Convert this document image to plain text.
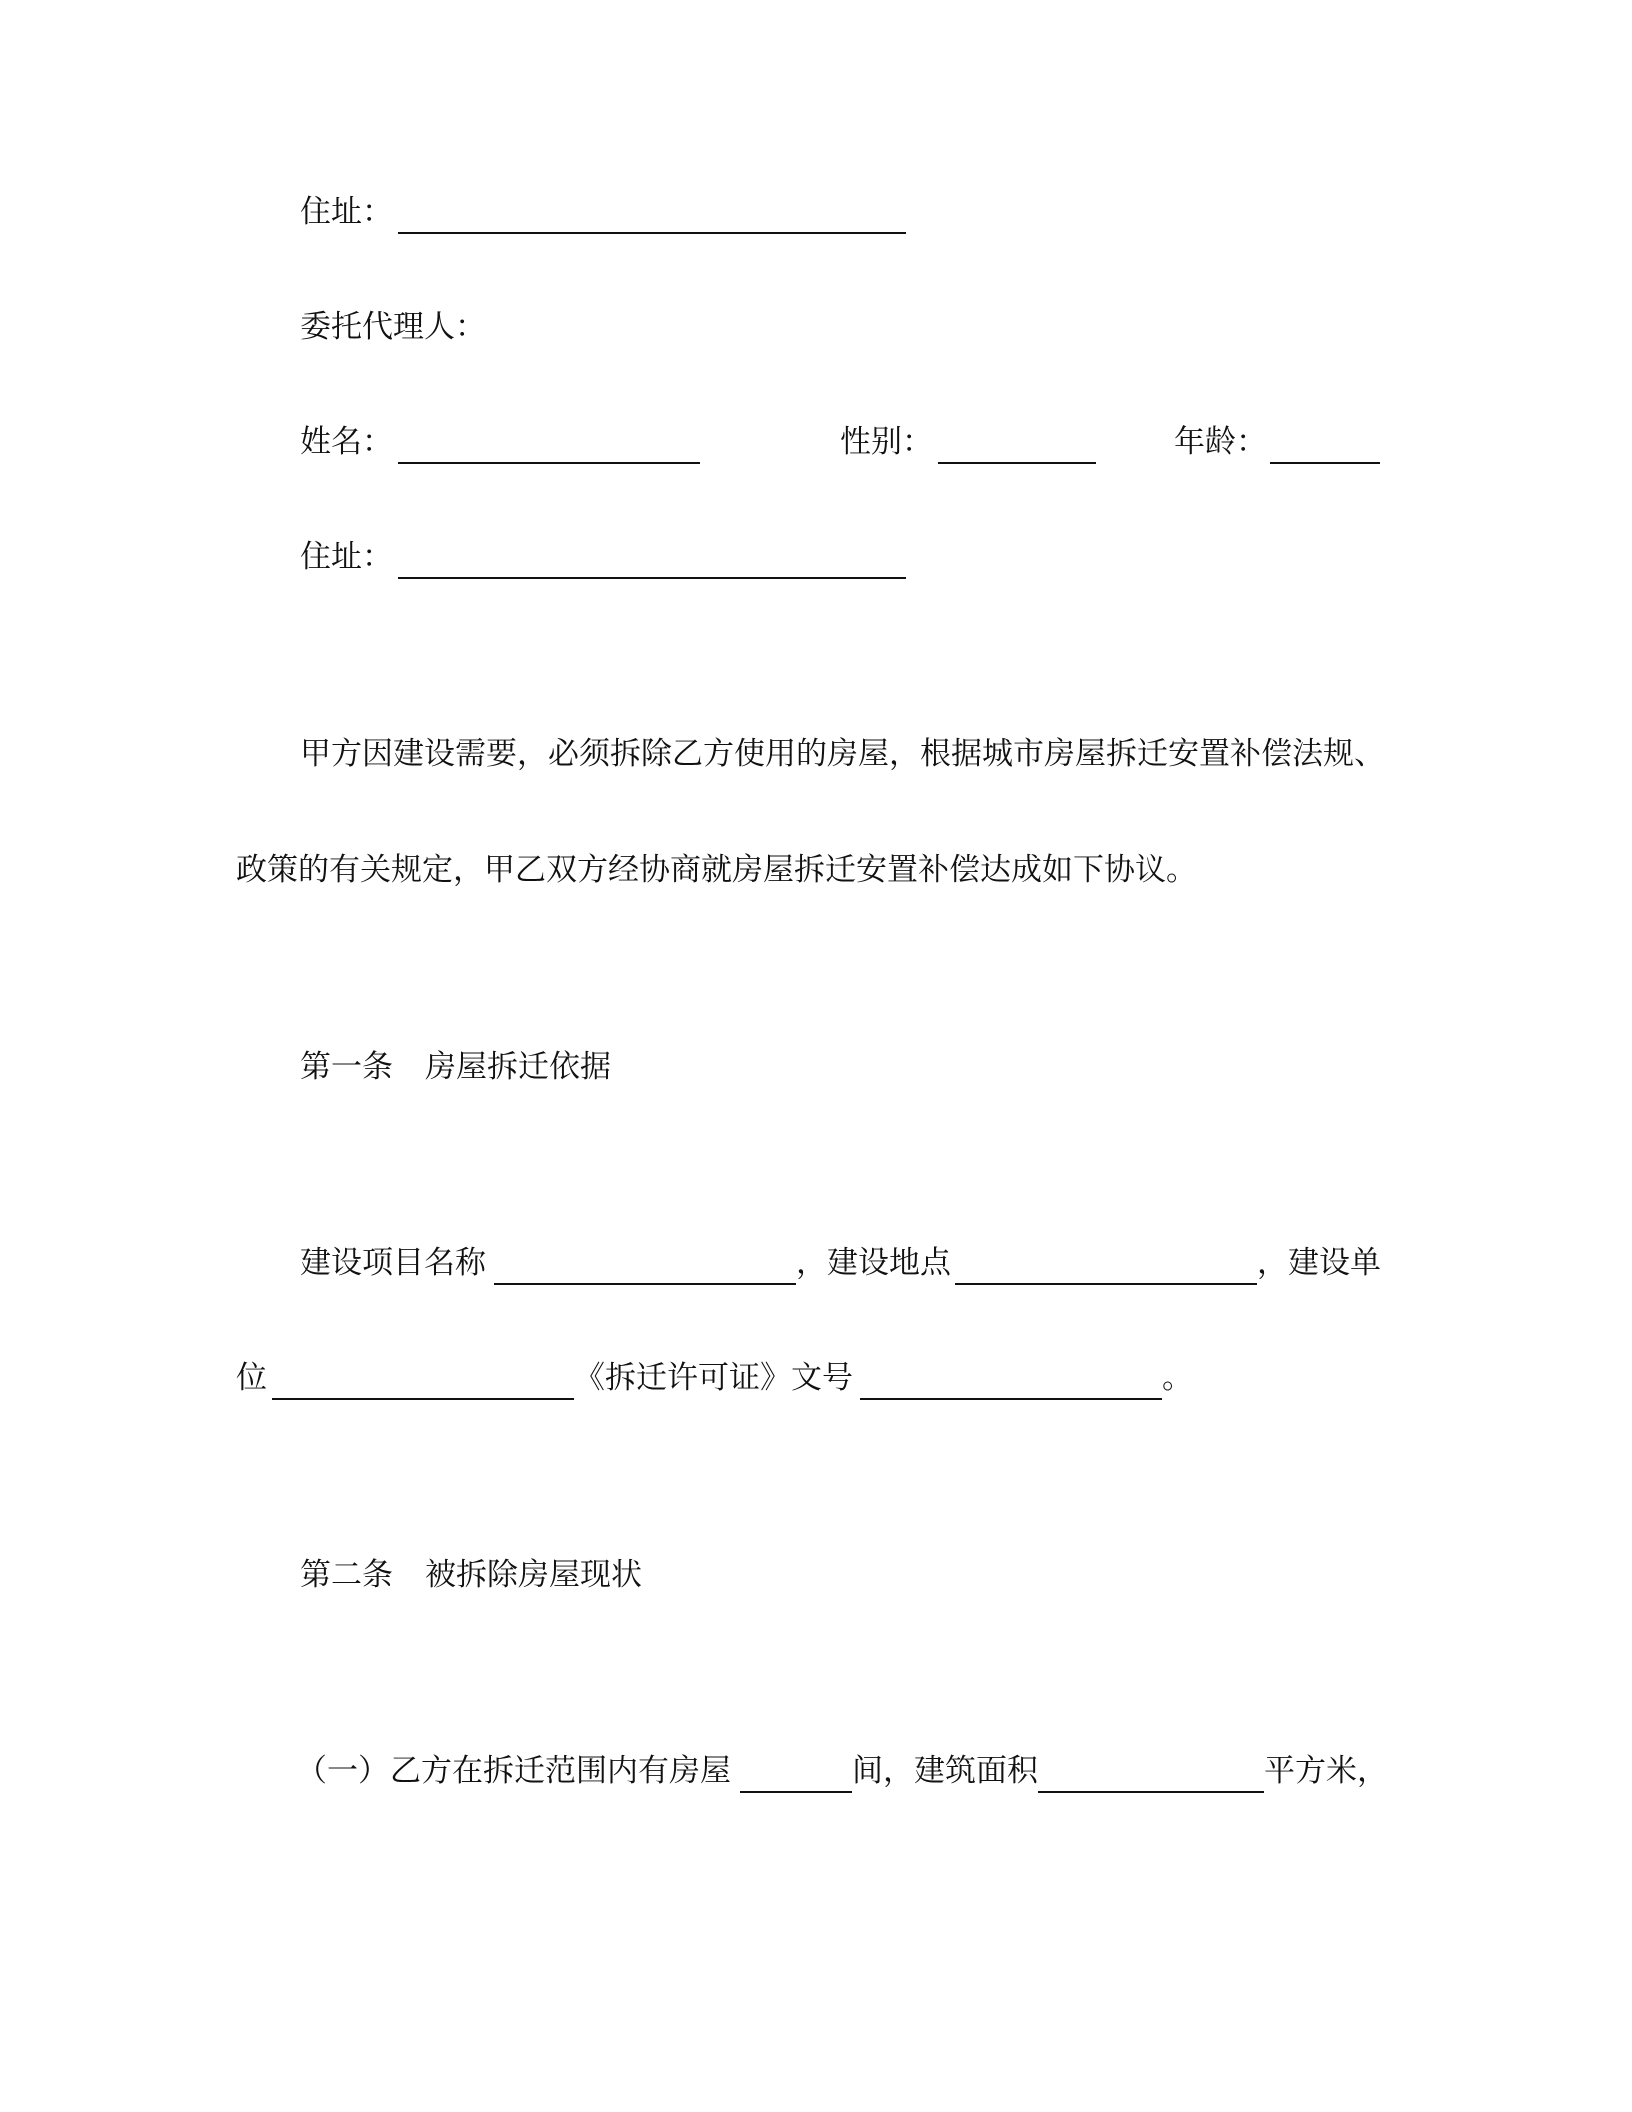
住址：
委托代理人：
姓名：	性别：	年龄：
住址：
甲方因建设需要，必须拆除乙方使用的房屋，根据城市房屋拆迁安置补偿法规、
政策的有关规定，甲乙双方经协商就房屋拆迁安置补偿达成如下协议。
第一条 房屋拆迁依据
建设项目名称	，建设地点	，建设单
位	《拆迁许可证》文号	。
第二条 被拆除房屋现状
（一） 乙方在拆迁范围内有房屋	间，建筑面积	平方米，
